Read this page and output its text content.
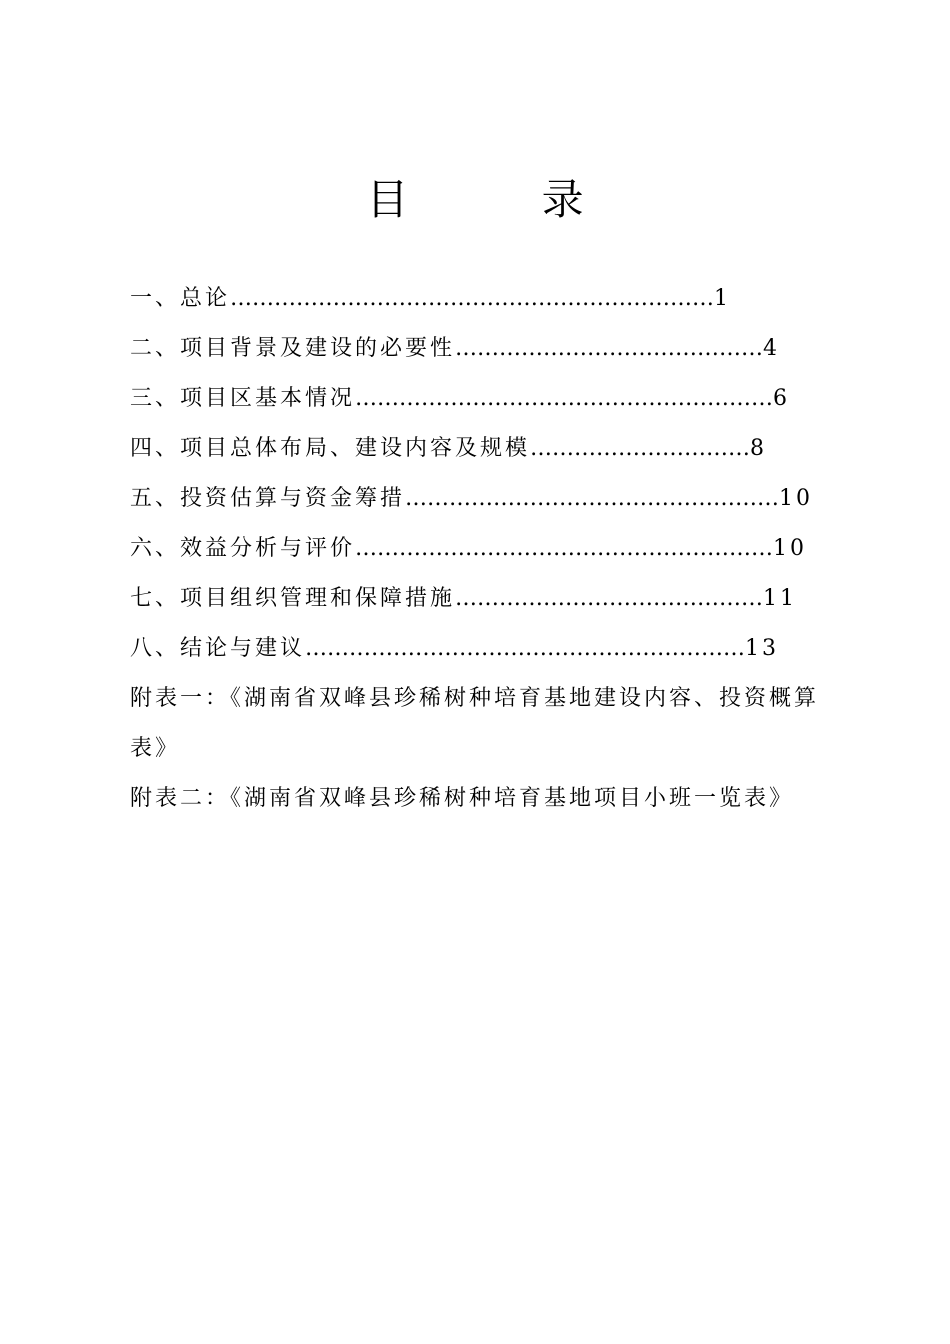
目 录
一、总论…………………………………………………………1
二、项目背景及建设的必要性……………………………………4
三、项目区基本情况…………………………………………………6
四、项目总体布局、建设内容及规模…………………………8
五、投资估算与资金筹措……………………………………………10
六、效益分析与评价…………………………………………………10
七、项目组织管理和保障措施……………………………………11
八、结论与建议……………………………………………………13
附表一：《湖南省双峰县珍稀树种培育基地建设内容、投资概算表》
附表二：《湖南省双峰县珍稀树种培育基地项目小班一览表》
